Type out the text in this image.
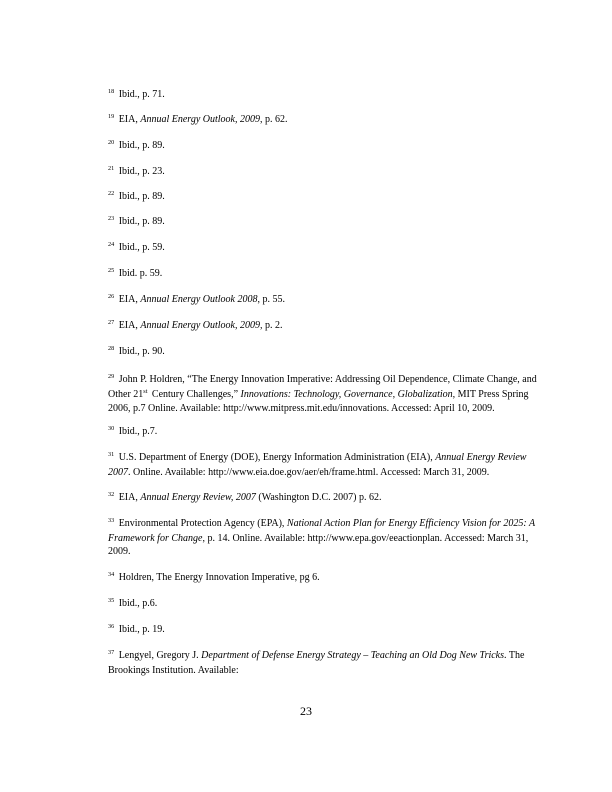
$^{18}$ Ibid., p. 71.
$^{19}$ EIA, Annual Energy Outlook, 2009, p. 62.
$^{20}$ Ibid., p. 89.
$^{21}$ Ibid., p. 23.
$^{22}$ Ibid., p. 89.
$^{23}$ Ibid., p. 89.
$^{24}$ Ibid., p. 59.
$^{25}$ Ibid. p. 59.
$^{26}$ EIA, Annual Energy Outlook 2008, p. 55.
$^{27}$ EIA, Annual Energy Outlook, 2009, p. 2.
$^{28}$ Ibid., p. 90.
$^{29}$ John P. Holdren, “The Energy Innovation Imperative: Addressing Oil Dependence, Climate Change, and Other 21st Century Challenges,” Innovations: Technology, Governance, Globalization, MIT Press Spring 2006, p.7 Online. Available: http://www.mitpress.mit.edu/innovations. Accessed: April 10, 2009.
$^{30}$ Ibid., p.7.
$^{31}$ U.S. Department of Energy (DOE), Energy Information Administration (EIA), Annual Energy Review 2007. Online. Available: http://www.eia.doe.gov/aer/eh/frame.html. Accessed: March 31, 2009.
$^{32}$ EIA, Annual Energy Review, 2007 (Washington D.C. 2007) p. 62.
$^{33}$ Environmental Protection Agency (EPA), National Action Plan for Energy Efficiency Vision for 2025: A Framework for Change, p. 14. Online. Available: http://www.epa.gov/eeactionplan. Accessed: March 31, 2009.
$^{34}$ Holdren, The Energy Innovation Imperative, pg 6.
$^{35}$ Ibid., p.6.
$^{36}$ Ibid., p. 19.
$^{37}$ Lengyel, Gregory J. Department of Defense Energy Strategy – Teaching an Old Dog New Tricks. The Brookings Institution. Available:
23
